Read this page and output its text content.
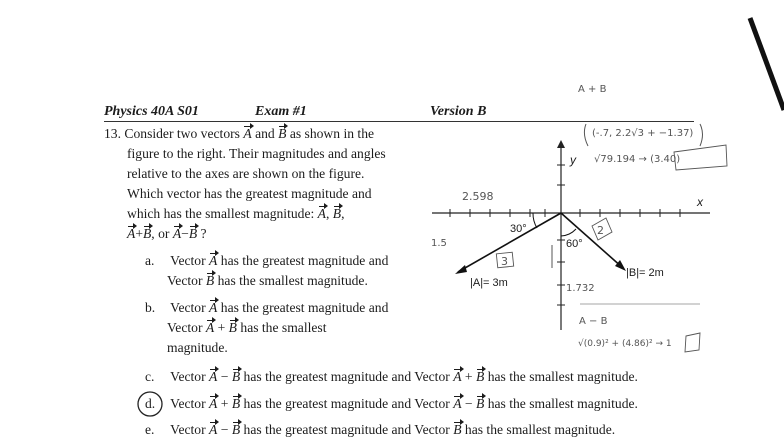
Physics 40A S01	Exam #1	Version B
13. Consider two vectors A and B as shown in the
figure to the right. Their magnitudes and angles
relative to the axes are shown on the figure.
Which vector has the greatest magnitude and
which has the smallest magnitude: A, B,
A+B, or A−B ?
a. Vector A has the greatest magnitude and
Vector B has the smallest magnitude.
b. Vector A has the greatest magnitude and
Vector A + B has the smallest
magnitude.
c. Vector A − B has the greatest magnitude and Vector A + B has the smallest magnitude.
d. Vector A + B has the greatest magnitude and Vector A − B has the smallest magnitude.
e. Vector A − B has the greatest magnitude and Vector B has the smallest magnitude.
y
x
30°
60°
|A|= 3m
|B|= 2m
A + B
(-.7, 2.2√3 + −1.37)
√79.194 → (3.40)
2.598
1.5
1.732
3
2
A − B
√(0.9)² + (4.86)² → 1
